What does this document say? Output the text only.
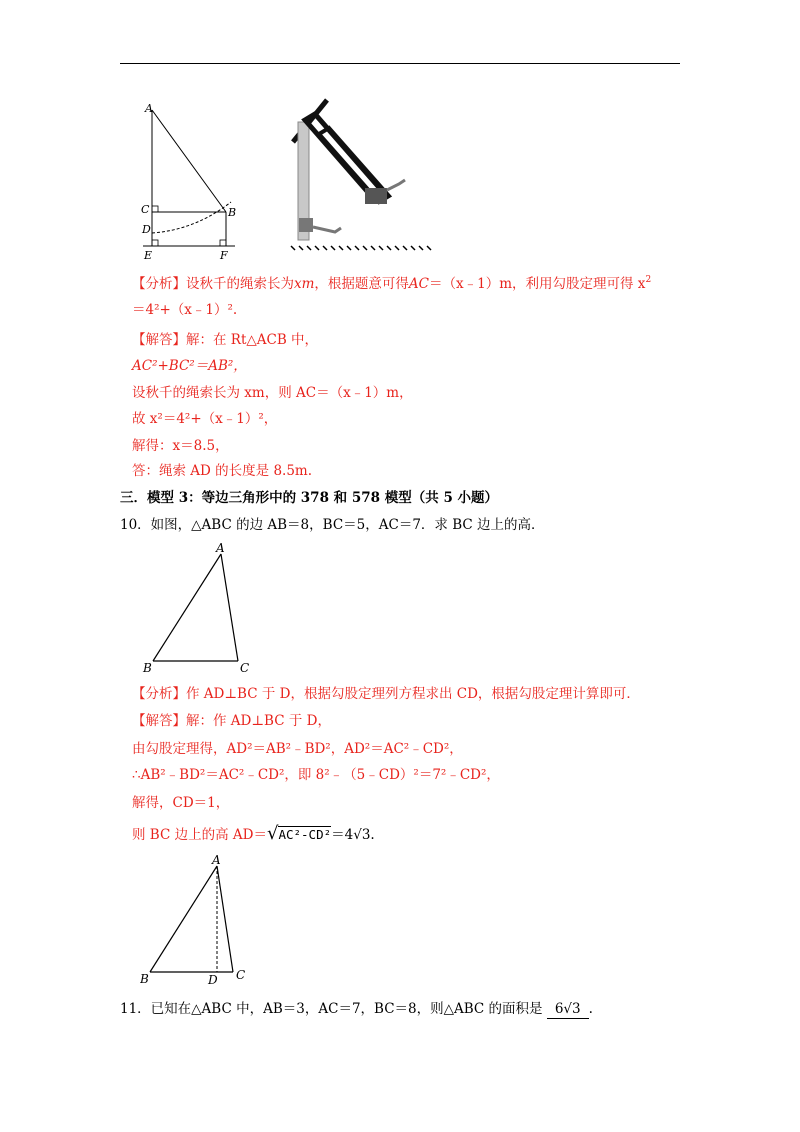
A
B
C
D
E	F
【分析】设秋千的绳索长为xm，根据题意可得AC＝（x﹣1）m，利用勾股定理可得 $x^2$
＝4²+（x﹣1）².
【解答】解：在 Rt△ACB 中，
AC²+BC²＝AB²，
设秋千的绳索长为 xm，则 AC＝（x﹣1）m，
故 x²＝4²+（x﹣1）²，
解得：x＝8.5，
答：绳索 AD 的长度是 8.5m.
三．模型 3：等边三角形中的 378 和 578 模型（共 5 小题）
10．如图，△ABC 的边 AB＝8，BC＝5，AC＝7．求 BC 边上的高．
A
B	C
【分析】作 AD⊥BC 于 D，根据勾股定理列方程求出 CD，根据勾股定理计算即可．
【解答】解：作 AD⊥BC 于 D，
由勾股定理得，AD²＝AB²﹣BD²，AD²＝AC²﹣CD²，
∴AB²﹣BD²＝AC²﹣CD²，即 8²﹣（5﹣CD）²＝7²﹣CD²，
解得，CD＝1，
则 BC 边上的高 AD＝√AC²-CD²＝4√3.
A
B	C
D
11．已知在△ABC 中，AB＝3，AC＝7，BC＝8，则△ABC 的面积是 6√3 .
